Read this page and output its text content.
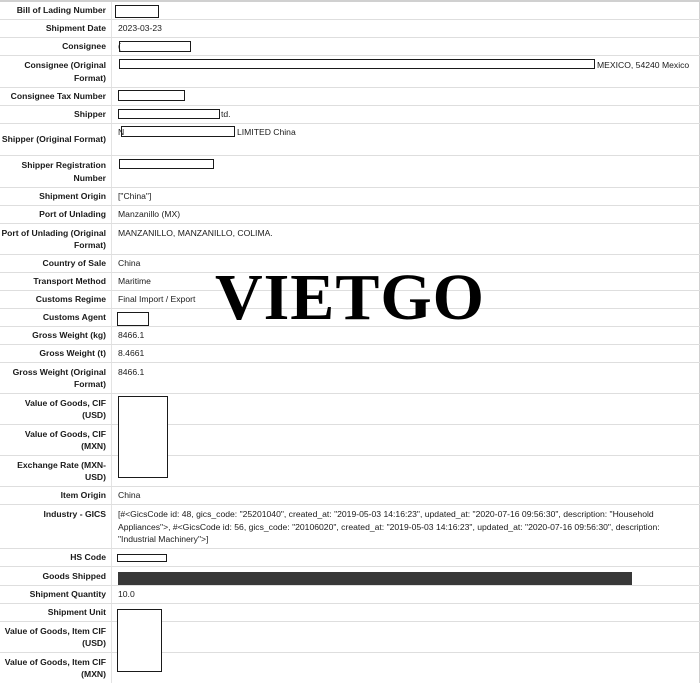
Bill of Lading Number
Shipment Date 2023-03-23
Consignee
Consignee (Original Format)
Consignee Tax Number
Shipper
Shipper (Original Format)
Shipper Registration Number
Shipment Origin ["China"]
Port of Unlading Manzanillo (MX)
Port of Unlading (Original Format)
MANZANILLO, MANZANILLO, COLIMA.
Country of Sale China
Transport Method Maritime
Customs Regime Final Import / Export
Customs Agent
Gross Weight (kg) 8466.1
Gross Weight (t) 8.4661
Gross Weight (Original Format)
8466.1
Value of Goods, CIF (USD)
Value of Goods, CIF (MXN)
Exchange Rate (MXN-USD)
Item Origin China
Industry - GICS [#<GicsCode id: 48, gics_code: "25201040", created_at: "2019-05-03 14:16:23", updated_at: "2020-07-16 09:56:30", description: "Household Appliances">, #<GicsCode id: 56, gics_code: "20106020", created_at: "2019-05-03 14:16:23", updated_at: "2020-07-16 09:56:30", description: "Industrial Machinery">]
HS Code
Goods Shipped
Shipment Quantity 10.0
Shipment Unit
Value of Goods, Item CIF (USD)
Value of Goods, Item CIF (MXN)
MEXICO, 54240 Mexico
td.
N	LIMITED China
(
VIETGO
